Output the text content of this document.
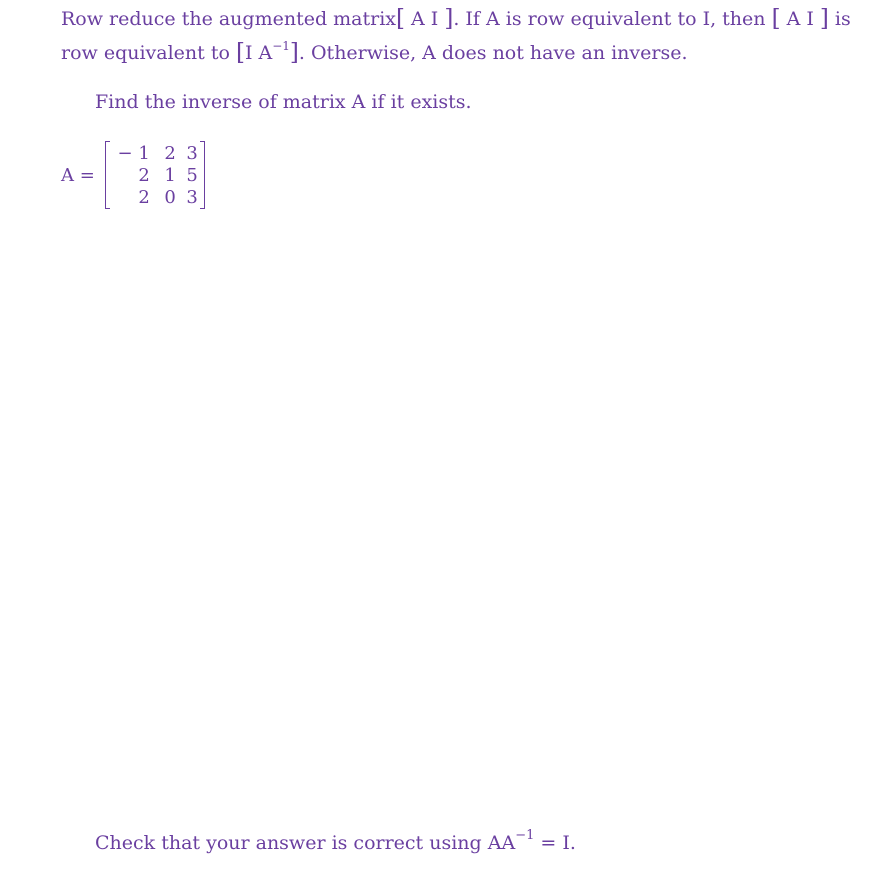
Row reduce the augmented matrix[ A I ]. If A is row equivalent to I, then [ A I ] is row equivalent to [I $A^{-1}$]. Otherwise, A does not have an inverse.
Find the inverse of matrix A if it exists.
A =
− 1 2 3
2 1 5
2 0 3
Check that your answer is correct using $AA^{-1} = I$.
